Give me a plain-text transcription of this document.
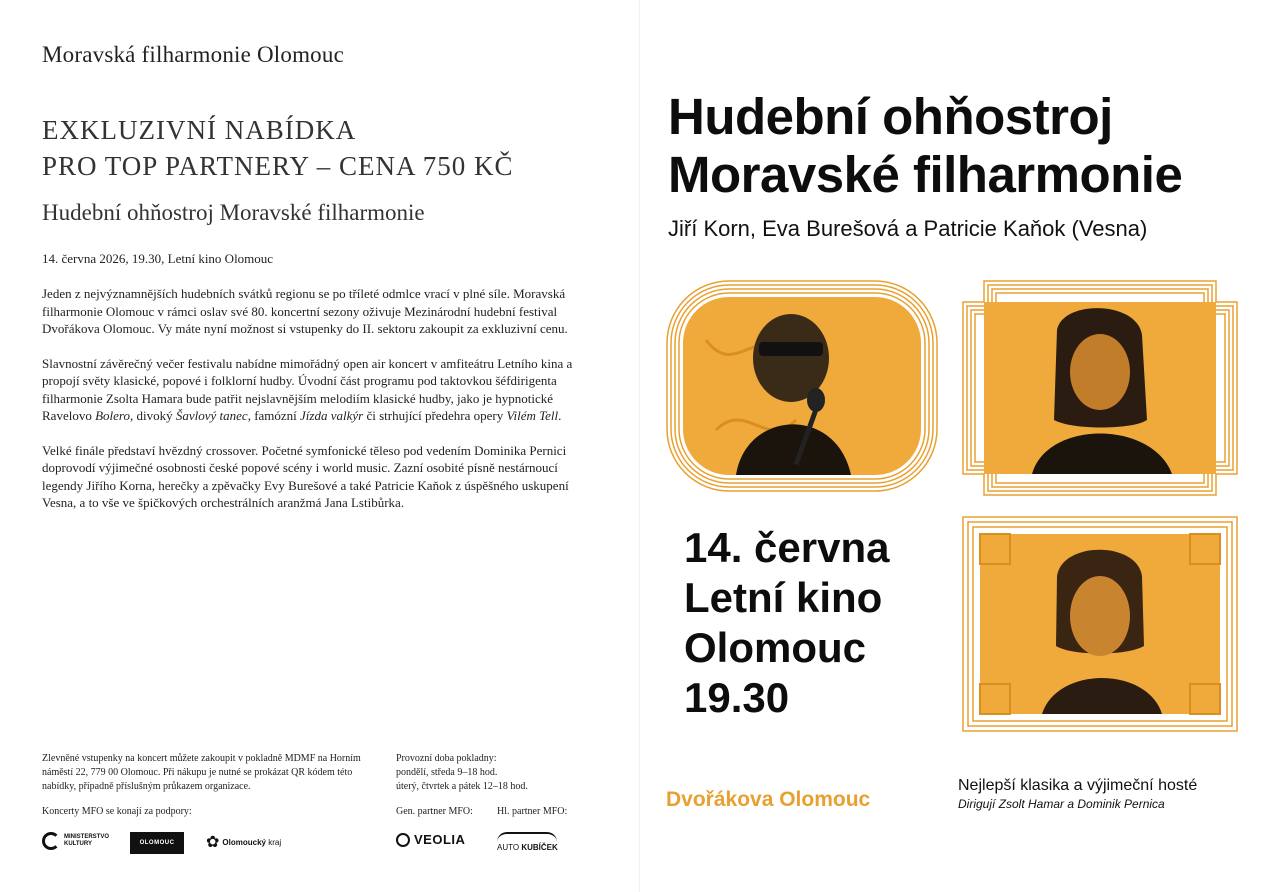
Moravská filharmonie Olomouc
EXKLUZIVNÍ NABÍDKA
PRO TOP PARTNERY – CENA 750 KČ
Hudební ohňostroj Moravské filharmonie
14. června 2026, 19.30, Letní kino Olomouc

Jeden z nejvýznamnějších hudebních svátků regionu se po tříleté odmlce vrací v plné síle. Moravská filharmonie Olomouc v rámci oslav své 80. koncertní sezony oživuje Mezinárodní hudební festival Dvořákova Olomouc. Vy máte nyní možnost si vstupenky do II. sektoru zakoupit za exkluzivní cenu.

Slavnostní závěrečný večer festivalu nabídne mimořádný open air koncert v amfiteátru Letního kina a propojí světy klasické, popové i folklorní hudby. Úvodní část programu pod taktovkou šéfdirigenta filharmonie Zsolta Hamara bude patřit nejslavnějším melodiím klasické hudby, jako je hypnotické Ravelovo Bolero, divoký Šavlový tanec, famózní Jízda valkýr či strhující předehra opery Vilém Tell.

Velké finále představí hvězdný crossover. Početné symfonické těleso pod vedením Dominika Pernici doprovodí výjimečné osobnosti české popové scény i world music. Zazní osobité písně nestárnoucí legendy Jiřího Korna, herečky a zpěvačky Evy Burešové a také Patricie Kaňok z úspěšného uskupení Vesna, a to vše ve špičkových orchestrálních aranžmá Jana Lstibůrka.

Zlevněné vstupenky na koncert můžete zakoupit v pokladně MDMF na Horním náměstí 22, 779 00 Olomouc. Při nákupu je nutné se prokázat QR kódem této nabídky, případně příslušným průkazem organizace.
Provozní doba pokladny:
pondělí, středa 9–18 hod.
úterý, čtvrtek a pátek 12–18 hod.
Koncerty MFO se konají za podpory:	Gen. partner MFO: Hl. partner MFO:
MINISTERSTVO
KULTURY	OLOMOUC	✿ Olomoucký
kraj	VEOLIA
AUTO KUBÍČEK
Hudební ohňostroj
Moravské filharmonie
Jiří Korn, Eva Burešová a Patricie Kaňok (Vesna)
14. června
Letní kino
Olomouc
19.30
Dvořákova Olomouc
Nejlepší klasika a výjimeční hosté
Dirigují Zsolt Hamar a Dominik Pernica
